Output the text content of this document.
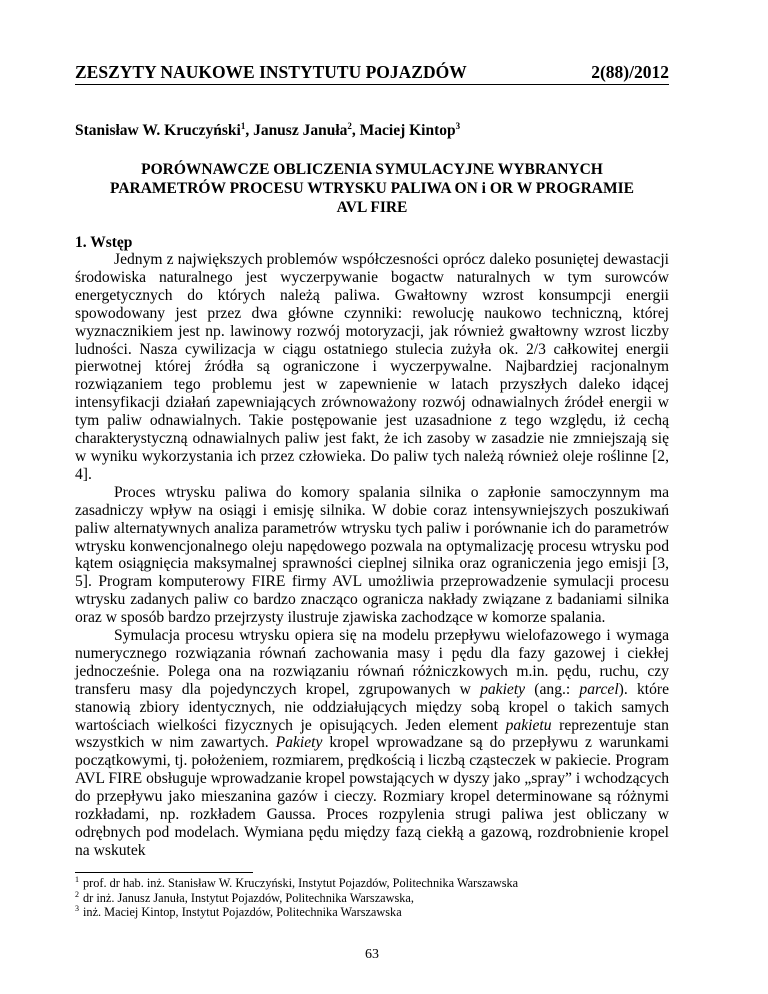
ZESZYTY NAUKOWE INSTYTUTU POJAZDÓW	2(88)/2012
Stanisław W. Kruczyński$^1$, Janusz Januła$^2$, Maciej Kintop$^3$
PORÓWNAWCZE OBLICZENIA SYMULACYJNE WYBRANYCH
PARAMETRÓW PROCESU WTRYSKU PALIWA ON i OR W PROGRAMIE
AVL FIRE
1. Wstęp

Jednym z największych problemów współczesności oprócz daleko posuniętej dewastacji środowiska naturalnego jest wyczerpywanie bogactw naturalnych w tym surowców energetycznych do których należą paliwa. Gwałtowny wzrost konsumpcji energii spowodowany jest przez dwa główne czynniki: rewolucję naukowo techniczną, której wyznacznikiem jest np. lawinowy rozwój motoryzacji, jak również gwałtowny wzrost liczby ludności. Nasza cywilizacja w ciągu ostatniego stulecia zużyła ok. 2/3 całkowitej energii pierwotnej której źródła są ograniczone i wyczerpywalne. Najbardziej racjonalnym rozwiązaniem tego problemu jest w zapewnienie w latach przyszłych daleko idącej intensyfikacji działań zapewniających zrównoważony rozwój odnawialnych źródeł energii w tym paliw odnawialnych. Takie postępowanie jest uzasadnione z tego względu, iż cechą charakterystyczną odnawialnych paliw jest fakt, że ich zasoby w zasadzie nie zmniejszają się w wyniku wykorzystania ich przez człowieka. Do paliw tych należą również oleje roślinne [2, 4].

Proces wtrysku paliwa do komory spalania silnika o zapłonie samoczynnym ma zasadniczy wpływ na osiągi i emisję silnika. W dobie coraz intensywniejszych poszukiwań paliw alternatywnych analiza parametrów wtrysku tych paliw i porównanie ich do parametrów wtrysku konwencjonalnego oleju napędowego pozwala na optymalizację procesu wtrysku pod kątem osiągnięcia maksymalnej sprawności cieplnej silnika oraz ograniczenia jego emisji [3, 5]. Program komputerowy FIRE firmy AVL umożliwia przeprowadzenie symulacji procesu wtrysku zadanych paliw co bardzo znacząco ogranicza nakłady związane z badaniami silnika oraz w sposób bardzo przejrzysty ilustruje zjawiska zachodzące w komorze spalania.

Symulacja procesu wtrysku opiera się na modelu przepływu wielofazowego i wymaga numerycznego rozwiązania równań zachowania masy i pędu dla fazy gazowej i ciekłej jednocześnie. Polega ona na rozwiązaniu równań różniczkowych m.in. pędu, ruchu, czy transferu masy dla pojedynczych kropel, zgrupowanych w pakiety (ang.: parcel). które stanowią zbiory identycznych, nie oddziałujących między sobą kropel o takich samych wartościach wielkości fizycznych je opisujących. Jeden element pakietu reprezentuje stan wszystkich w nim zawartych. Pakiety kropel wprowadzane są do przepływu z warunkami początkowymi, tj. położeniem, rozmiarem, prędkością i liczbą cząsteczek w pakiecie. Program AVL FIRE obsługuje wprowadzanie kropel powstających w dyszy jako „spray” i wchodzących do przepływu jako mieszanina gazów i cieczy. Rozmiary kropel determinowane są różnymi rozkładami, np. rozkładem Gaussa. Proces rozpylenia strugi paliwa jest obliczany w odrębnych pod modelach. Wymiana pędu między fazą ciekłą a gazową, rozdrobnienie kropel na wskutek

$^1$ prof. dr hab. inż. Stanisław W. Kruczyński, Instytut Pojazdów, Politechnika Warszawska
$^2$ dr inż. Janusz Januła, Instytut Pojazdów, Politechnika Warszawska,
$^3$ inż. Maciej Kintop, Instytut Pojazdów, Politechnika Warszawska
63
